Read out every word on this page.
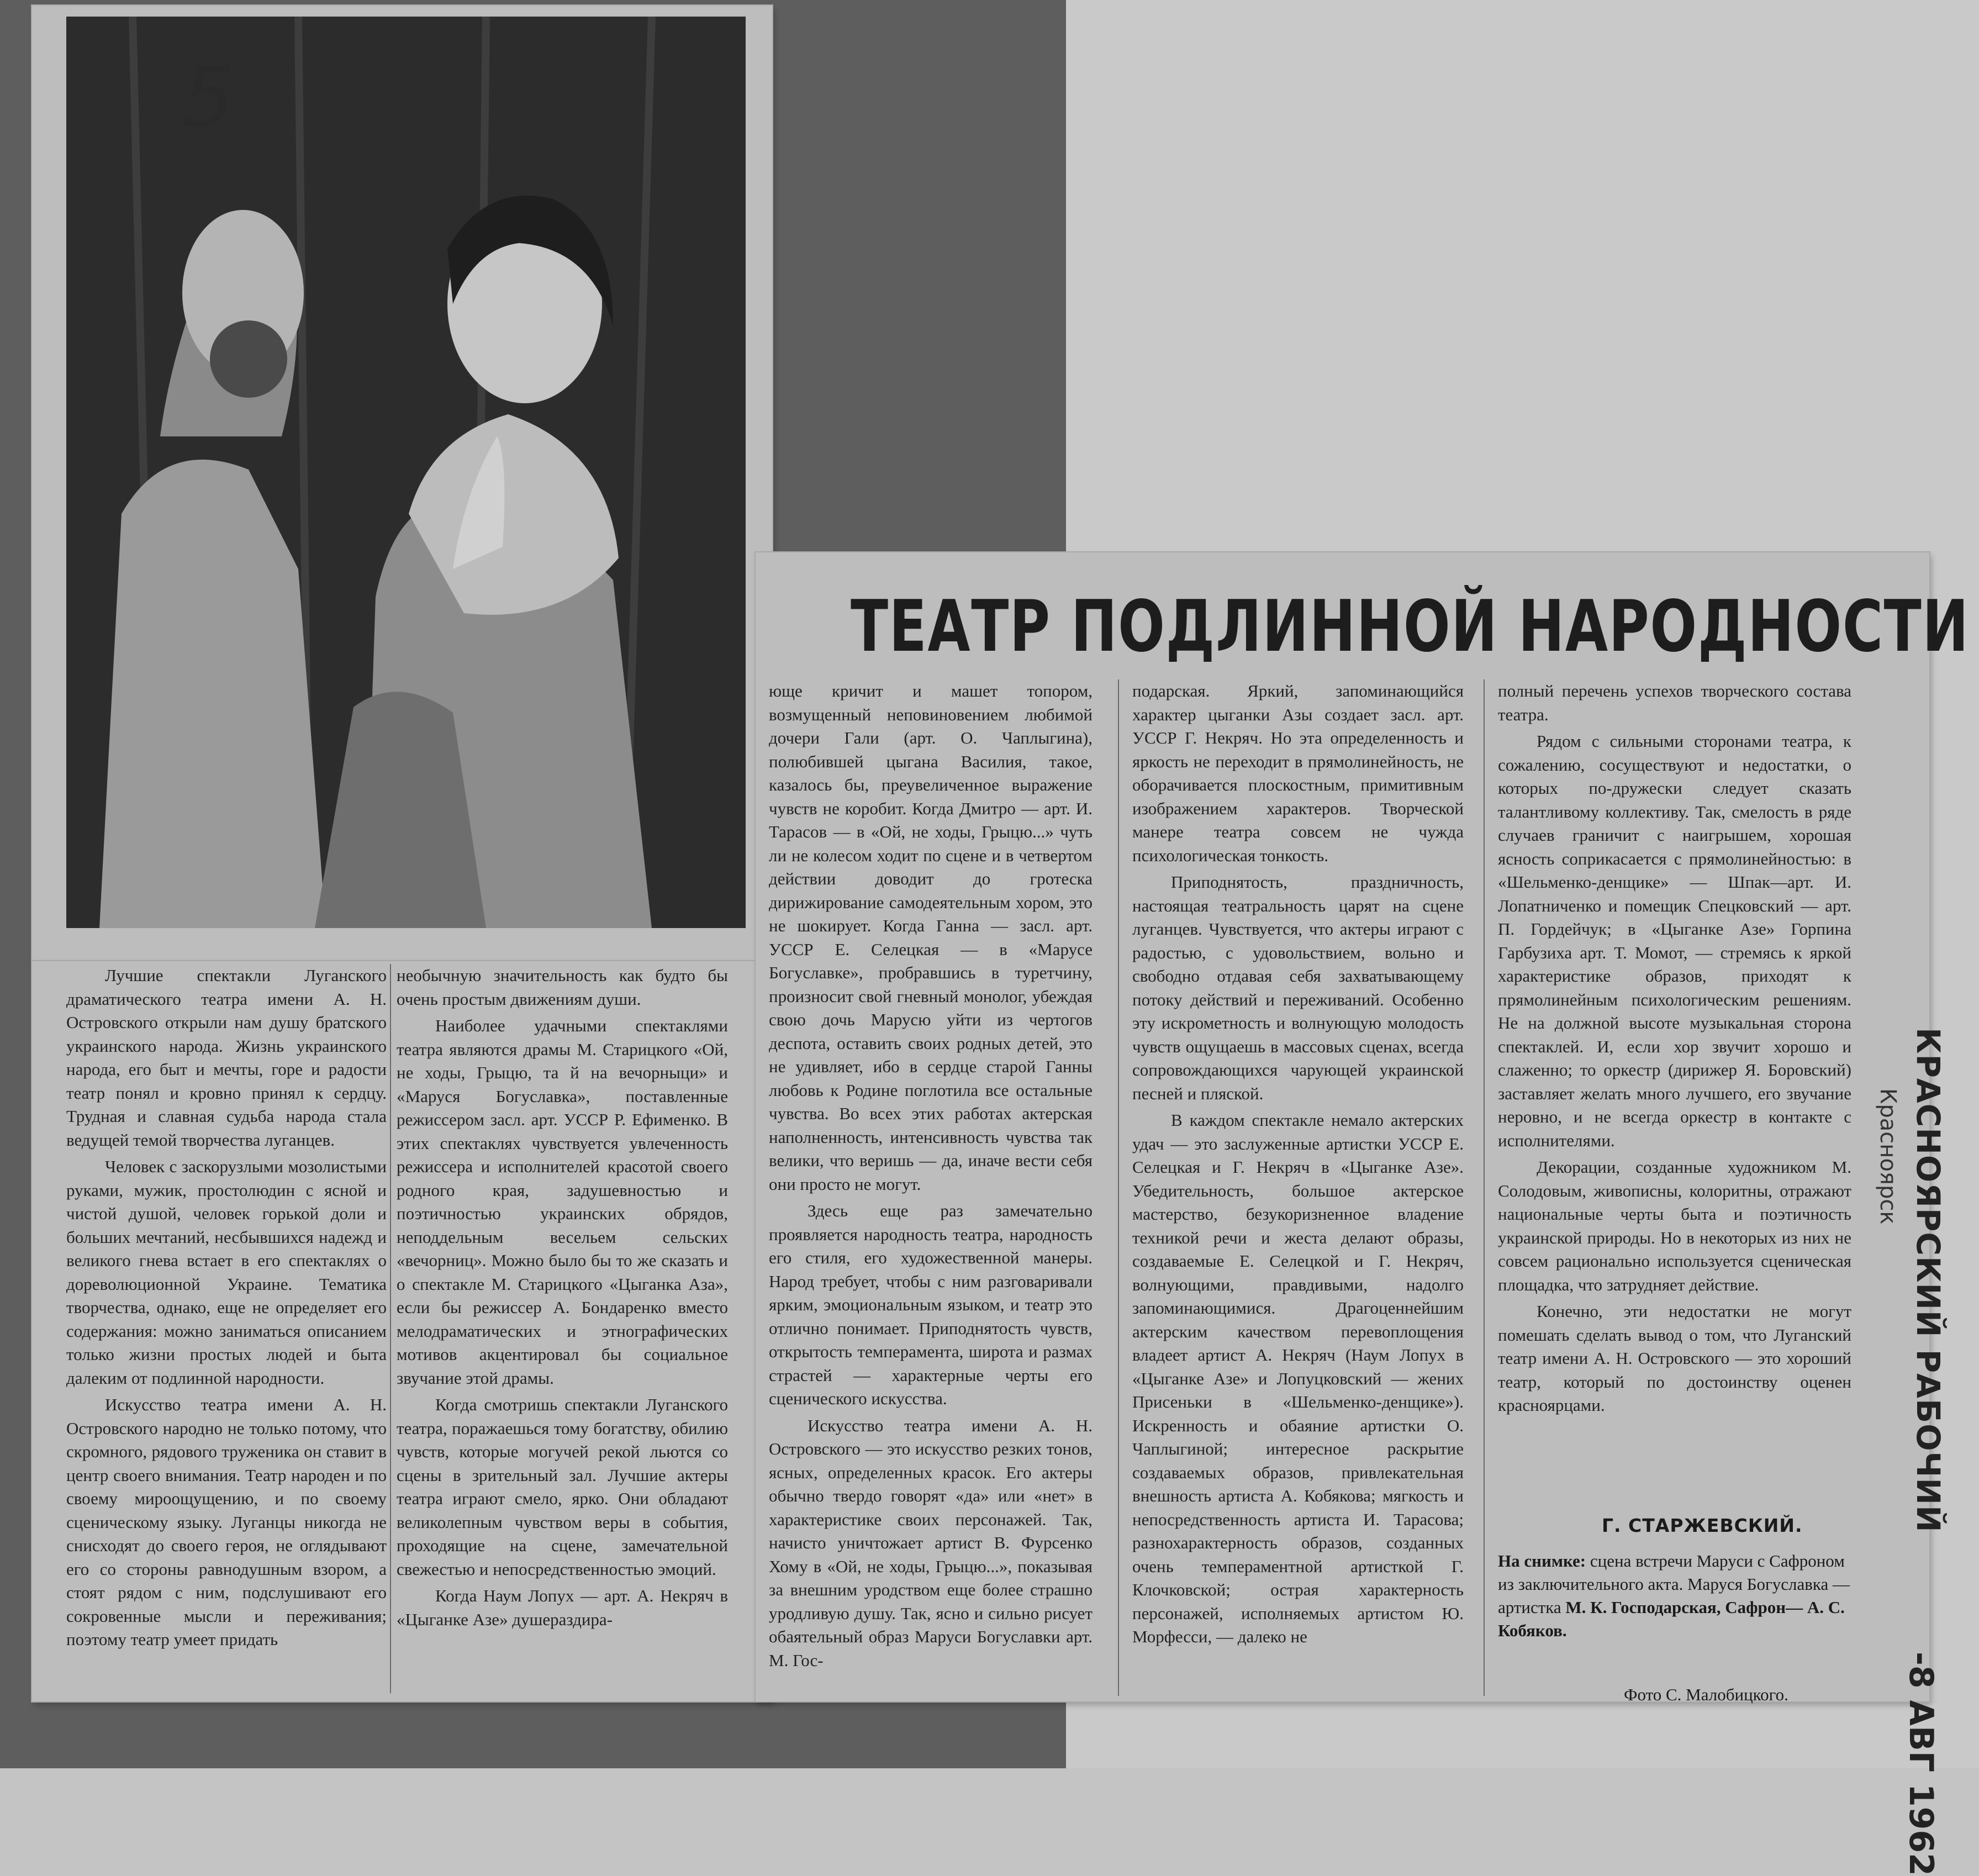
5
ТЕАТР ПОДЛИННОЙ НАРОДНОСТИ

Лучшие спектакли Луганского драматического театра имени А. Н. Островского открыли нам душу братского украинского народа. Жизнь украинского народа, его быт и мечты, горе и радости театр понял и кровно принял к сердцу. Трудная и славная судьба народа стала ведущей темой творчества луганцев.

Человек с заскорузлыми мозолистыми руками, мужик, простолюдин с ясной и чистой душой, человек горькой доли и больших мечтаний, несбывшихся надежд и великого гнева встает в его спектаклях о дореволюционной Украине. Тематика творчества, однако, еще не определяет его содержания: можно заниматься описанием только жизни простых людей и быта далеким от подлинной народности.

Искусство театра имени А. Н. Островского народно не только потому, что скромного, рядового труженика он ставит в центр своего внимания. Театр народен и по своему мироощущению, и по своему сценическому языку. Луганцы никогда не снисходят до своего героя, не оглядывают его со стороны равнодушным взором, а стоят рядом с ним, подслушивают его сокровенные мысли и переживания; поэтому театр умеет придать

необычную значительность как будто бы очень простым движениям души.

Наиболее удачными спектаклями театра являются драмы М. Старицкого «Ой, не ходы, Грыцю, та й на вечорныци» и «Маруся Богуславка», поставленные режиссером засл. арт. УССР Р. Ефименко. В этих спектаклях чувствуется увлеченность режиссера и исполнителей красотой своего родного края, задушевностью и поэтичностью украинских обрядов, неподдельным весельем сельских «вечорниц». Можно было бы то же сказать и о спектакле М. Старицкого «Цыганка Аза», если бы режиссер А. Бондаренко вместо мелодраматических и этнографических мотивов акцентировал бы социальное звучание этой драмы.

Когда смотришь спектакли Луганского театра, поражаешься тому богатству, обилию чувств, которые могучей рекой льются со сцены в зрительный зал. Лучшие актеры театра играют смело, ярко. Они обладают великолепным чувством веры в события, проходящие на сцене, замечательной свежестью и непосредственностью эмоций.

Когда Наум Лопух — арт. А. Некряч в «Цыганке Азе» душераздира-

юще кричит и машет топором, возмущенный неповиновением любимой дочери Гали (арт. О. Чаплыгина), полюбившей цыгана Василия, такое, казалось бы, преувеличенное выражение чувств не коробит. Когда Дмитро — арт. И. Тарасов — в «Ой, не ходы, Грыцю...» чуть ли не колесом ходит по сцене и в четвертом действии доводит до гротеска дирижирование самодеятельным хором, это не шокирует. Когда Ганна — засл. арт. УССР Е. Селецкая — в «Марусе Богуславке», пробравшись в туретчину, произносит свой гневный монолог, убеждая свою дочь Марусю уйти из чертогов деспота, оставить своих родных детей, это не удивляет, ибо в сердце старой Ганны любовь к Родине поглотила все остальные чувства. Во всех этих работах актерская наполненность, интенсивность чувства так велики, что веришь — да, иначе вести себя они просто не могут.

Здесь еще раз замечательно проявляется народность театра, народность его стиля, его художественной манеры. Народ требует, чтобы с ним разговаривали ярким, эмоциональным языком, и театр это отлично понимает. Приподнятость чувств, открытость темперамента, широта и размах страстей — характерные черты его сценического искусства.

Искусство театра имени А. Н. Островского — это искусство резких тонов, ясных, определенных красок. Его актеры обычно твердо говорят «да» или «нет» в характеристике своих персонажей. Так, начисто уничтожает артист В. Фурсенко Хому в «Ой, не ходы, Грыцю...», показывая за внешним уродством еще более страшно уродливую душу. Так, ясно и сильно рисует обаятельный образ Маруси Богуславки арт. М. Гос-

подарская. Яркий, запоминающийся характер цыганки Азы создает засл. арт. УССР Г. Некряч. Но эта определенность и яркость не переходит в прямолинейность, не оборачивается плоскостным, примитивным изображением характеров. Творческой манере театра совсем не чужда психологическая тонкость.

Приподнятость, праздничность, настоящая театральность царят на сцене луганцев. Чувствуется, что актеры играют с радостью, с удовольствием, вольно и свободно отдавая себя захватывающему потоку действий и переживаний. Особенно эту искрометность и волнующую молодость чувств ощущаешь в массовых сценах, всегда сопровождающихся чарующей украинской песней и пляской.

В каждом спектакле немало актерских удач — это заслуженные артистки УССР Е. Селецкая и Г. Некряч в «Цыганке Азе». Убедительность, большое актерское мастерство, безукоризненное владение техникой речи и жеста делают образы, создаваемые Е. Селецкой и Г. Некряч, волнующими, правдивыми, надолго запоминающимися. Драгоценнейшим актерским качеством перевоплощения владеет артист А. Некряч (Наум Лопух в «Цыганке Азе» и Лопуцковский — жених Присеньки в «Шельменко-денщике»). Искренность и обаяние артистки О. Чаплыгиной; интересное раскрытие создаваемых образов, привлекательная внешность артиста А. Кобякова; мягкость и непосредственность артиста И. Тарасова; разнохарактерность образов, созданных очень темпераментной артисткой Г. Клочковской; острая характерность персонажей, исполняемых артистом Ю. Морфесси, — далеко не

полный перечень успехов творческого состава театра.

Рядом с сильными сторонами театра, к сожалению, сосуществуют и недостатки, о которых по-дружески следует сказать талантливому коллективу. Так, смелость в ряде случаев граничит с наигрышем, хорошая ясность соприкасается с прямолинейностью: в «Шельменко-денщике» — Шпак—арт. И. Лопатниченко и помещик Спецковский — арт. П. Гордейчук; в «Цыганке Азе» Горпина Гарбузиха арт. Т. Момот, — стремясь к яркой характеристике образов, приходят к прямолинейным психологическим решениям. Не на должной высоте музыкальная сторона спектаклей. И, если хор звучит хорошо и слаженно; то оркестр (дирижер Я. Боровский) заставляет желать много лучшего, его звучание неровно, и не всегда оркестр в контакте с исполнителями.

Декорации, созданные художником М. Солодовым, живописны, колоритны, отражают национальные черты быта и поэтичность украинской природы. Но в некоторых из них не совсем рационально используется сценическая площадка, что затрудняет действие.

Конечно, эти недостатки не могут помешать сделать вывод о том, что Луганский театр имени А. Н. Островского — это хороший театр, который по достоинству оценен красноярцами.

Г. СТАРЖЕВСКИЙ.
На снимке: сцена встречи Маруси с Сафроном из заключительного акта. Маруся Богуславка — артистка М. К. Господарская, Сафрон— А. С. Кобяков.
Фото С. Малобицкого.
КРАСНОЯРСКИЙ РАБОЧИЙ
Красноярск
-8 АВГ 1962
